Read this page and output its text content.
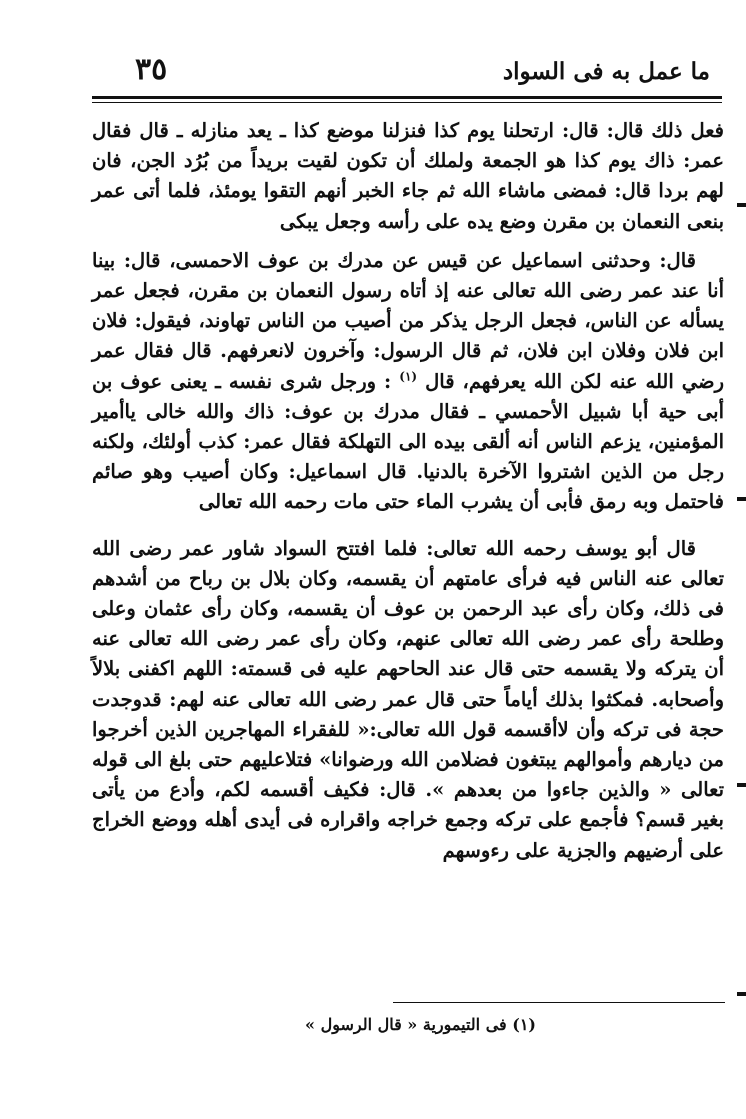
ما عمل به فى السواد
٣٥

فعل ذلك قال: قال: ارتحلنا يوم كذا فنزلنا موضع كذا ـ يعد منازله ـ قال فقال عمر: ذاك يوم كذا هو الجمعة ولملك أن تكون لقيت بريداً من بُرُد الجن، فان لهم بردا قال: فمضى ماشاء الله ثم جاء الخبر أنهم التقوا يومئذ، فلما أتى عمر بنعى النعمان بن مقرن وضع يده على رأسه وجعل يبكى

قال: وحدثنى اسماعيل عن قيس عن مدرك بن عوف الاحمسى، قال: بينا أنا عند عمر رضى الله تعالى عنه إذ أتاه رسول النعمان بن مقرن، فجعل عمر يسأله عن الناس، فجعل الرجل يذكر من أصيب من الناس تهاوند، فيقول: فلان ابن فلان وفلان ابن فلان، ثم قال الرسول: وآخرون لانعرفهم. قال فقال عمر رضي الله عنه لكن الله يعرفهم، قال $^{(١)}$ : ورجل شرى نفسه ـ يعنى عوف بن أبى حية أبا شبيل الأحمسي ـ فقال مدرك بن عوف: ذاك والله خالى ياأمير المؤمنين، يزعم الناس أنه ألقى بيده الى التهلكة فقال عمر: كذب أولئك، ولكنه رجل من الذين اشتروا الآخرة بالدنيا. قال اسماعيل: وكان أصيب وهو صائم فاحتمل وبه رمق فأبى أن يشرب الماء حتى مات رحمه الله تعالى

قال أبو يوسف رحمه الله تعالى: فلما افتتح السواد شاور عمر رضى الله تعالى عنه الناس فيه فرأى عامتهم أن يقسمه، وكان بلال بن رباح من أشدهم فى ذلك، وكان رأى عبد الرحمن بن عوف أن يقسمه، وكان رأى عثمان وعلى وطلحة رأى عمر رضى الله تعالى عنهم، وكان رأى عمر رضى الله تعالى عنه أن يتركه ولا يقسمه حتى قال عند الحاحهم عليه فى قسمته: اللهم اكفنى بلالاً وأصحابه. فمكثوا بذلك أياماً حتى قال عمر رضى الله تعالى عنه لهم: قدوجدت حجة فى تركه وأن لاأقسمه قول الله تعالى:« للفقراء المهاجرين الذين أخرجوا من ديارهم وأموالهم يبتغون فضلامن الله ورضوانا» فتلاعليهم حتى بلغ الى قوله تعالى « والذين جاءوا من بعدهم ». قال: فكيف أقسمه لكم، وأدع من يأتى بغير قسم؟ فأجمع على تركه وجمع خراجه واقراره فى أيدى أهله ووضع الخراج على أرضيهم والجزية على رءوسهم

(١) فى التيمورية « قال الرسول »
